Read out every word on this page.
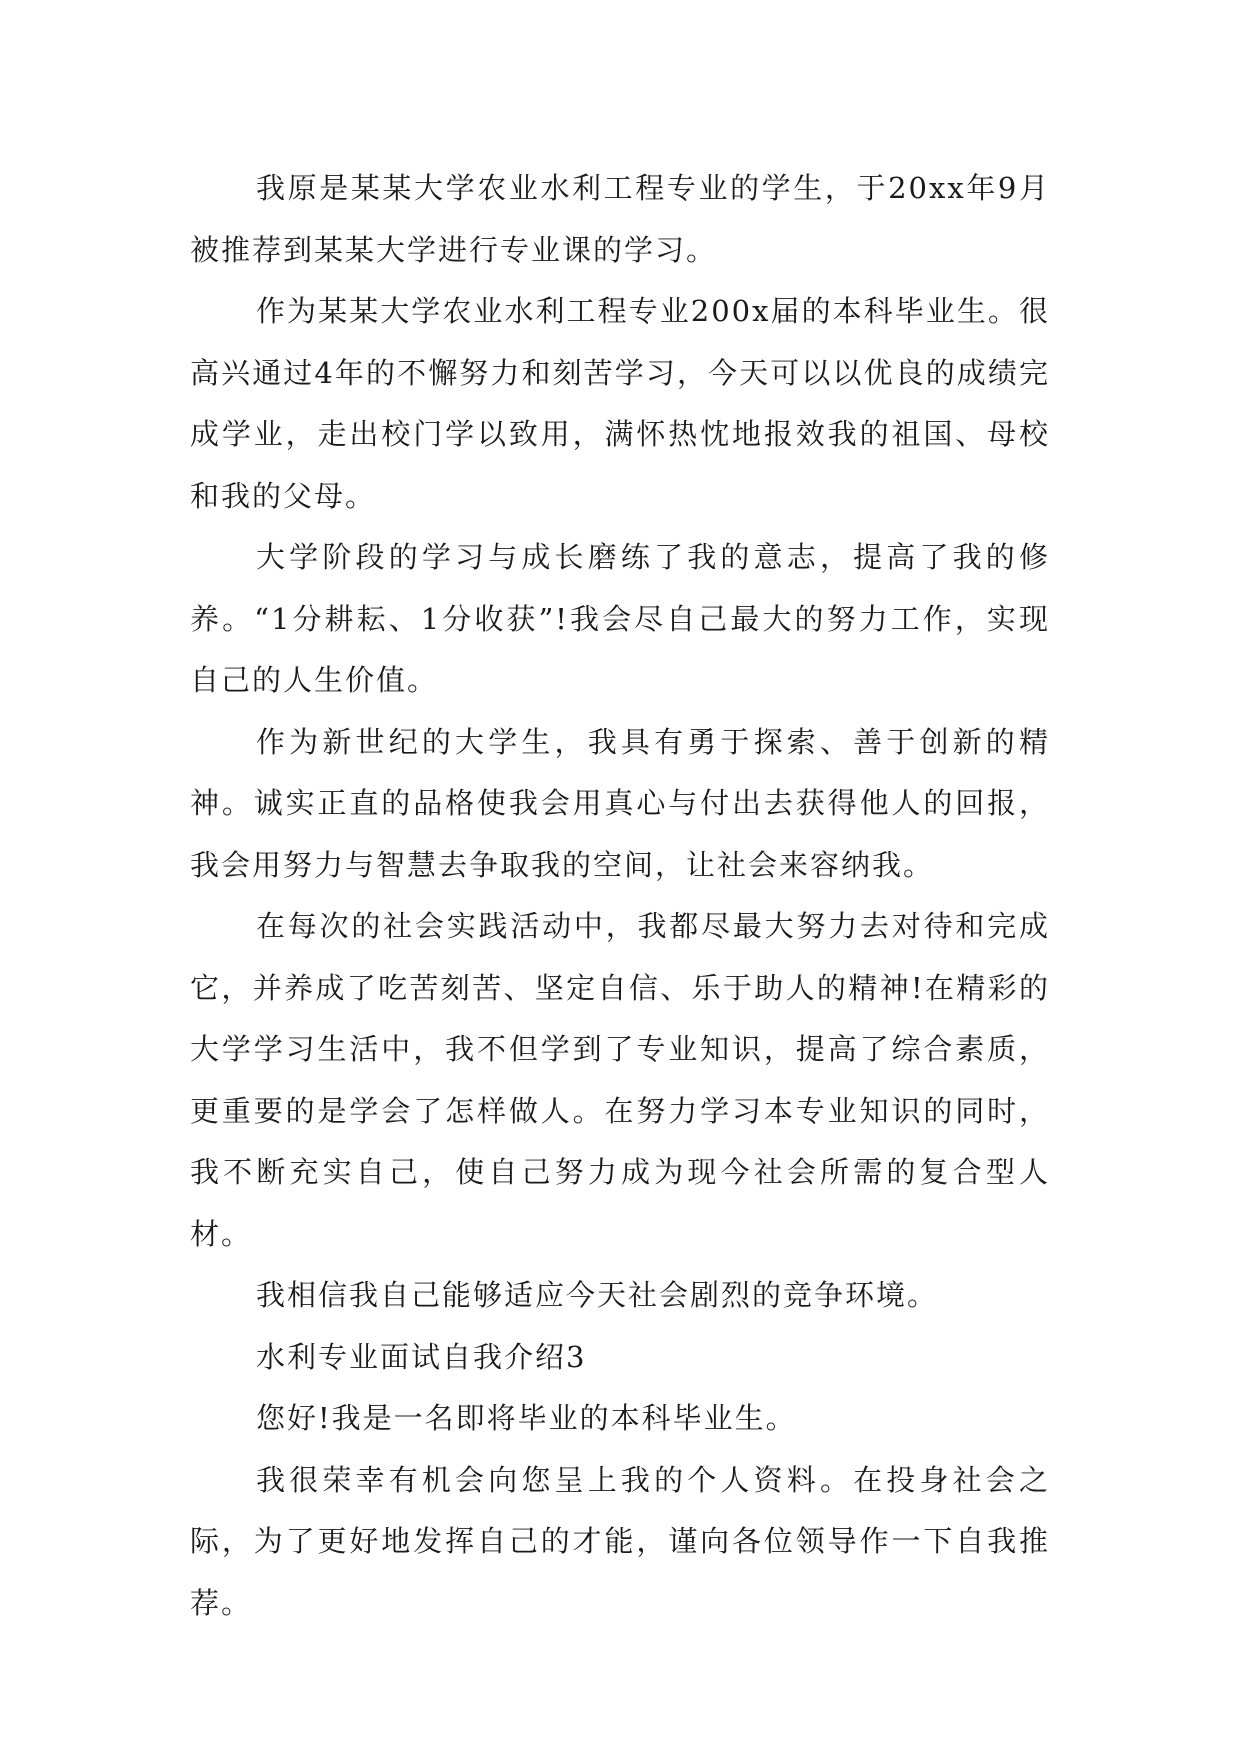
我原是某某大学农业水利工程专业的学生，于20xx年9月被推荐到某某大学进行专业课的学习。

作为某某大学农业水利工程专业200x届的本科毕业生。很高兴通过4年的不懈努力和刻苦学习，今天可以以优良的成绩完成学业，走出校门学以致用，满怀热忱地报效我的祖国、母校和我的父母。

大学阶段的学习与成长磨练了我的意志，提高了我的修养。“1分耕耘、1分收获”!我会尽自己最大的努力工作，实现自己的人生价值。

作为新世纪的大学生，我具有勇于探索、善于创新的精神。诚实正直的品格使我会用真心与付出去获得他人的回报，我会用努力与智慧去争取我的空间，让社会来容纳我。

在每次的社会实践活动中，我都尽最大努力去对待和完成它，并养成了吃苦刻苦、坚定自信、乐于助人的精神!在精彩的大学学习生活中，我不但学到了专业知识，提高了综合素质，更重要的是学会了怎样做人。在努力学习本专业知识的同时，我不断充实自己，使自己努力成为现今社会所需的复合型人材。

我相信我自己能够适应今天社会剧烈的竞争环境。

水利专业面试自我介绍3

您好!我是一名即将毕业的本科毕业生。

我很荣幸有机会向您呈上我的个人资料。在投身社会之际，为了更好地发挥自己的才能，谨向各位领导作一下自我推荐。
